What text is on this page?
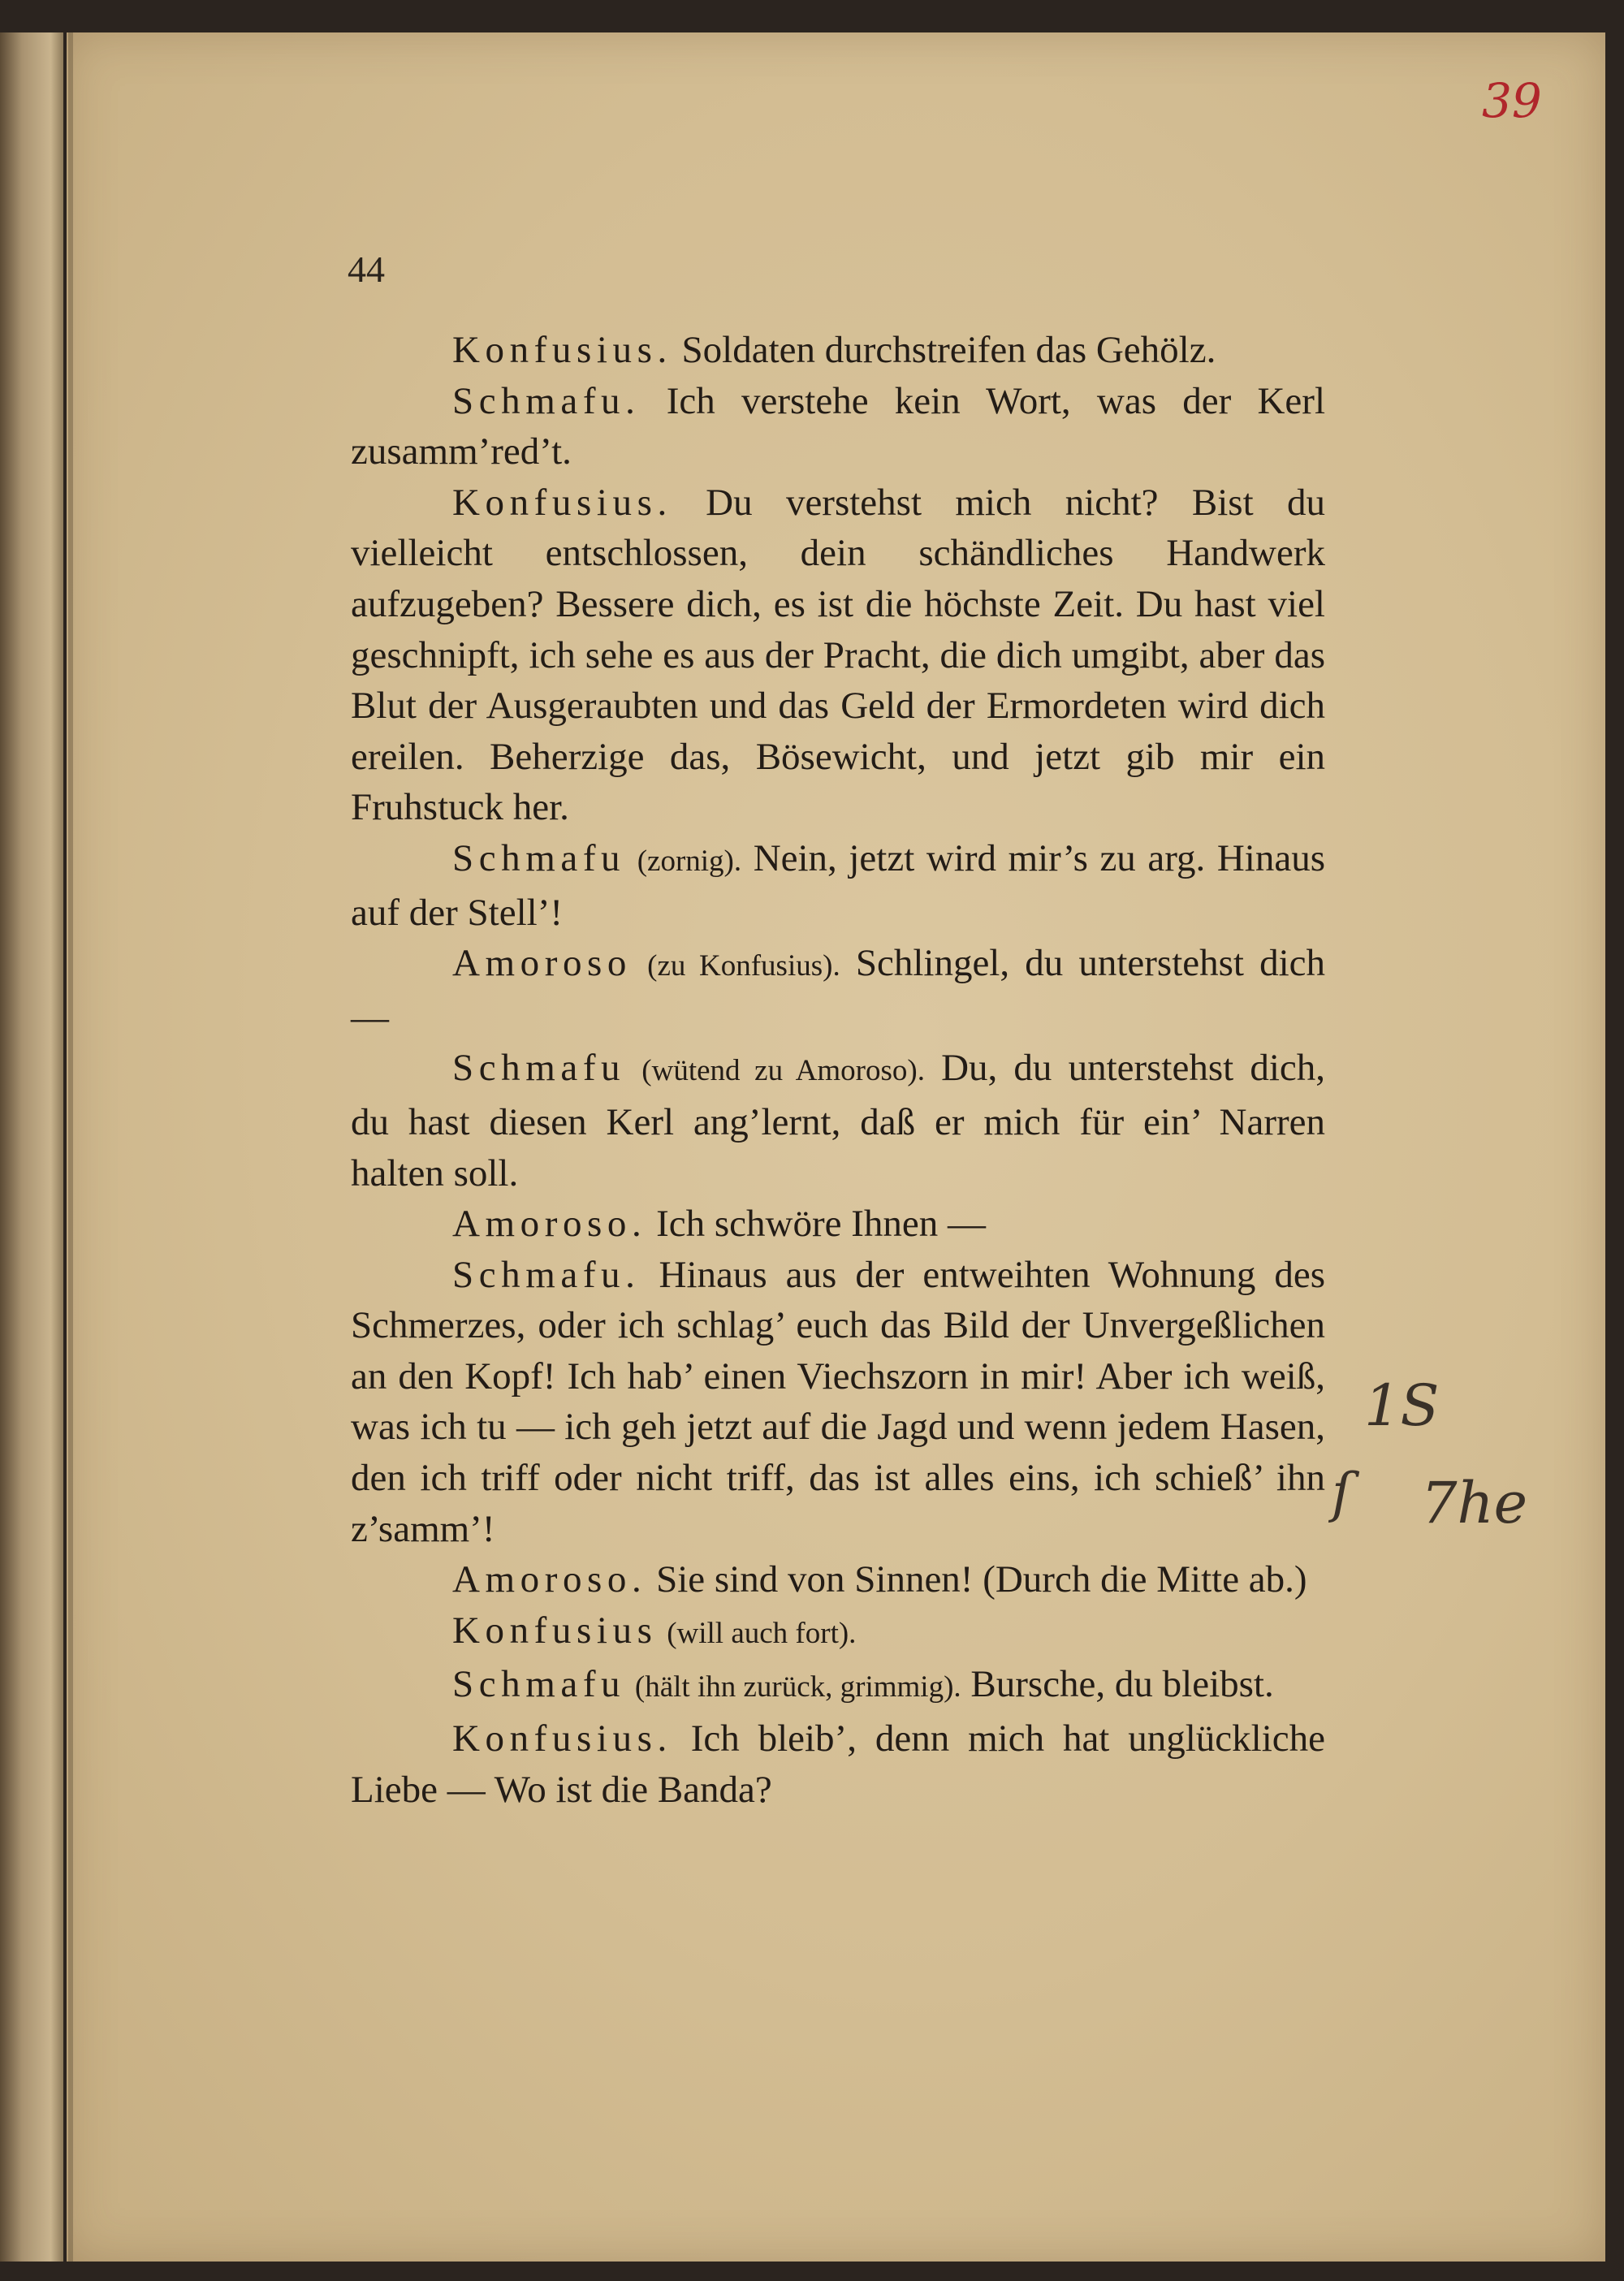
39
44

Konfusius. Soldaten durchstreifen das Gehölz.

Schmafu. Ich verstehe kein Wort, was der Kerl zusamm’red’t.

Konfusius. Du verstehst mich nicht? Bist du vielleicht entschlossen, dein schändliches Handwerk aufzugeben? Bessere dich, es ist die höchste Zeit. Du hast viel geschnipft, ich sehe es aus der Pracht, die dich umgibt, aber das Blut der Ausgeraubten und das Geld der Ermordeten wird dich ereilen. Beherzige das, Bösewicht, und jetzt gib mir ein Fruhstuck her.

Schmafu (zornig). Nein, jetzt wird mir’s zu arg. Hinaus auf der Stell’!

Amoroso (zu Konfusius). Schlingel, du unterstehst dich —

Schmafu (wütend zu Amoroso). Du, du unterstehst dich, du hast diesen Kerl ang’lernt, daß er mich für ein’ Narren halten soll.

Amoroso. Ich schwöre Ihnen —

Schmafu. Hinaus aus der entweihten Wohnung des Schmerzes, oder ich schlag’ euch das Bild der Unvergeßlichen an den Kopf! Ich hab’ einen Viechszorn in mir! Aber ich weiß, was ich tu — ich geh jetzt auf die Jagd und wenn jedem Hasen, den ich triff oder nicht triff, das ist alles eins, ich schieß’ ihn z’samm’!

Amoroso. Sie sind von Sinnen! (Durch die Mitte ab.)

Konfusius (will auch fort).

Schmafu (hält ihn zurück, grimmig). Bursche, du bleibst.

Konfusius. Ich bleib’, denn mich hat unglückliche Liebe — Wo ist die Banda?

1S
ſ 7he
